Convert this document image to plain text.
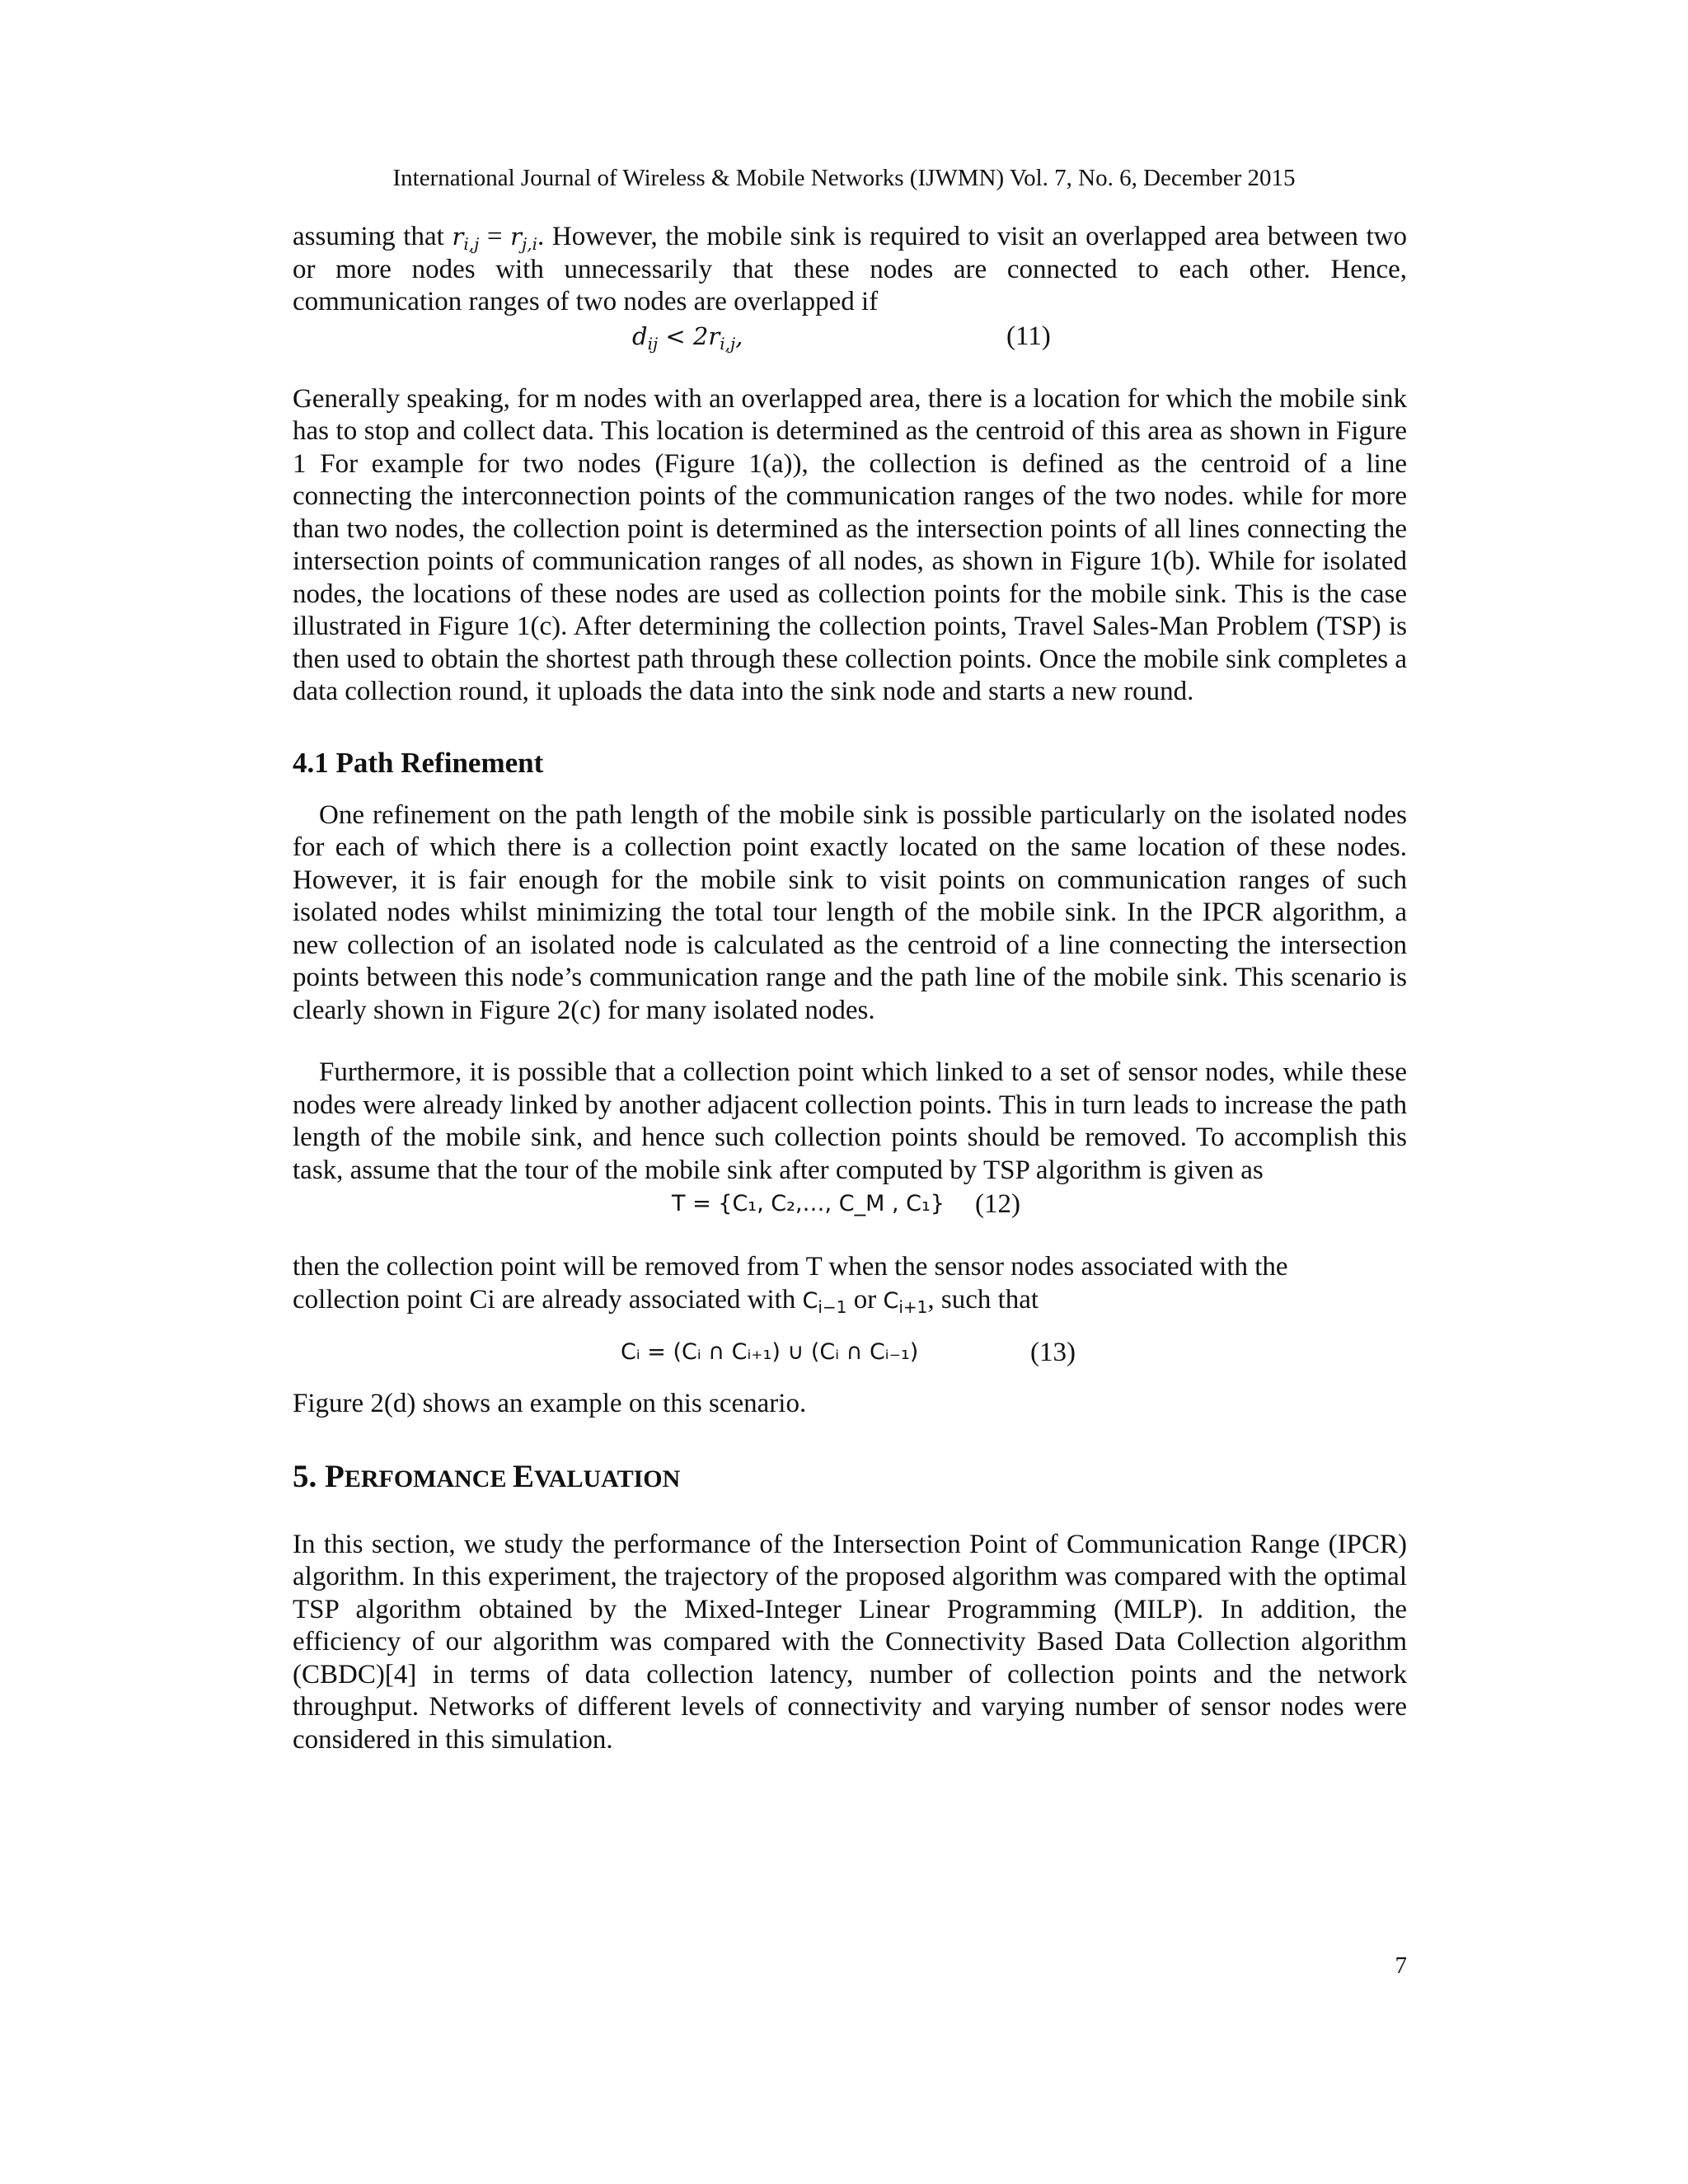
International Journal of Wireless & Mobile Networks (IJWMN) Vol. 7, No. 6, December 2015

assuming that $r_{i,j} = r_{j,i}$. However, the mobile sink is required to visit an overlapped area between two or more nodes with unnecessarily that these nodes are connected to each other. Hence, communication ranges of two nodes are overlapped if

$d_{ij} < 2r_{i,j}$,	(11)

Generally speaking, for m nodes with an overlapped area, there is a location for which the mobile sink has to stop and collect data. This location is determined as the centroid of this area as shown in Figure 1 For example for two nodes (Figure 1(a)), the collection is defined as the centroid of a line connecting the interconnection points of the communication ranges of the two nodes. while for more than two nodes, the collection point is determined as the intersection points of all lines connecting the intersection points of communication ranges of all nodes, as shown in Figure 1(b). While for isolated nodes, the locations of these nodes are used as collection points for the mobile sink. This is the case illustrated in Figure 1(c). After determining the collection points, Travel Sales-Man Problem (TSP) is then used to obtain the shortest path through these collection points. Once the mobile sink completes a data collection round, it uploads the data into the sink node and starts a new round.

4.1 Path Refinement

One refinement on the path length of the mobile sink is possible particularly on the isolated nodes for each of which there is a collection point exactly located on the same location of these nodes. However, it is fair enough for the mobile sink to visit points on communication ranges of such isolated nodes whilst minimizing the total tour length of the mobile sink. In the IPCR algorithm, a new collection of an isolated node is calculated as the centroid of a line connecting the intersection points between this node’s communication range and the path line of the mobile sink. This scenario is clearly shown in Figure 2(c) for many isolated nodes.

Furthermore, it is possible that a collection point which linked to a set of sensor nodes, while these nodes were already linked by another adjacent collection points. This in turn leads to increase the path length of the mobile sink, and hence such collection points should be removed. To accomplish this task, assume that the tour of the mobile sink after computed by TSP algorithm is given as

T = {C₁, C₂,…, C_M , C₁} (12)

then the collection point will be removed from T when the sensor nodes associated with the

collection point Ci are already associated with $C_{i-1}$ or $C_{i+1}$, such that

Cᵢ = (Cᵢ ∩ Cᵢ₊₁) ∪ (Cᵢ ∩ Cᵢ₋₁)	(13)

Figure 2(d) shows an example on this scenario.

5. PERFOMANCE EVALUATION

In this section, we study the performance of the Intersection Point of Communication Range (IPCR) algorithm. In this experiment, the trajectory of the proposed algorithm was compared with the optimal TSP algorithm obtained by the Mixed-Integer Linear Programming (MILP). In addition, the efficiency of our algorithm was compared with the Connectivity Based Data Collection algorithm (CBDC)[4] in terms of data collection latency, number of collection points and the network throughput. Networks of different levels of connectivity and varying number of sensor nodes were considered in this simulation.

7
